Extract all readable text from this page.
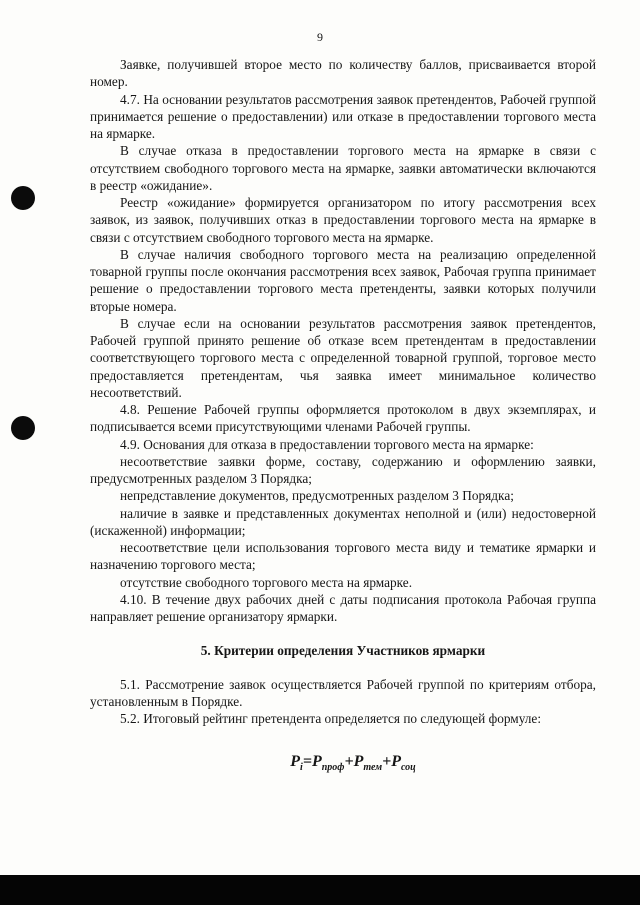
9

Заявке, получившей второе место по количеству баллов, присваивается второй номер.

4.7. На основании результатов рассмотрения заявок претендентов, Рабочей группой принимается решение о предоставлении) или отказе в предоставлении торгового места на ярмарке.

В случае отказа в предоставлении торгового места на ярмарке в связи с отсутствием свободного торгового места на ярмарке, заявки автоматически включаются в реестр «ожидание».

Реестр «ожидание» формируется организатором по итогу рассмотрения всех заявок, из заявок, получивших отказ в предоставлении торгового места на ярмарке в связи с отсутствием свободного торгового места на ярмарке.

В случае наличия свободного торгового места на реализацию определенной товарной группы после окончания рассмотрения всех заявок, Рабочая группа принимает решение о предоставлении торгового места претенденты, заявки которых получили вторые номера.

В случае если на основании результатов рассмотрения заявок претендентов, Рабочей группой принято решение об отказе всем претендентам в предоставлении соответствующего торгового места с определенной товарной группой, торговое место предоставляется претендентам, чья заявка имеет минимальное количество несоответствий.

4.8. Решение Рабочей группы оформляется протоколом в двух экземплярах, и подписывается всеми присутствующими членами Рабочей группы.

4.9. Основания для отказа в предоставлении торгового места на ярмарке:

несоответствие заявки форме, составу, содержанию и оформлению заявки, предусмотренных разделом 3 Порядка;

непредставление документов, предусмотренных разделом 3 Порядка;

наличие в заявке и представленных документах неполной и (или) недостоверной (искаженной) информации;

несоответствие цели использования торгового места виду и тематике ярмарки и назначению торгового места;

отсутствие свободного торгового места на ярмарке.

4.10. В течение двух рабочих дней с даты подписания протокола Рабочая группа направляет решение организатору ярмарки.

5. Критерии определения Участников ярмарки

5.1. Рассмотрение заявок осуществляется Рабочей группой по критериям отбора, установленным в Порядке.

5.2. Итоговый рейтинг претендента определяется по следующей формуле:

$P_i=P_{проф}+P_{тем}+P_{соц}$
